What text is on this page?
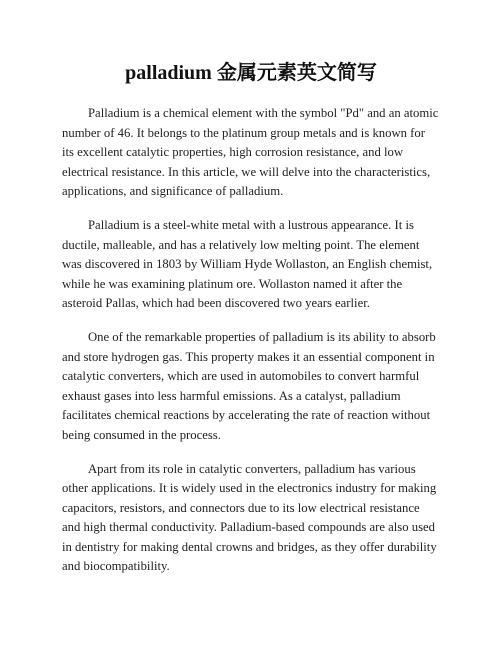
palladium 金属元素英文简写

Palladium is a chemical element with the symbol "Pd" and an atomic number of 46. It belongs to the platinum group metals and is known for its excellent catalytic properties, high corrosion resistance, and low electrical resistance. In this article, we will delve into the characteristics, applications, and significance of palladium.

Palladium is a steel-white metal with a lustrous appearance. It is ductile, malleable, and has a relatively low melting point. The element was discovered in 1803 by William Hyde Wollaston, an English chemist, while he was examining platinum ore. Wollaston named it after the asteroid Pallas, which had been discovered two years earlier.

One of the remarkable properties of palladium is its ability to absorb and store hydrogen gas. This property makes it an essential component in catalytic converters, which are used in automobiles to convert harmful exhaust gases into less harmful emissions. As a catalyst, palladium facilitates chemical reactions by accelerating the rate of reaction without being consumed in the process.

Apart from its role in catalytic converters, palladium has various other applications. It is widely used in the electronics industry for making capacitors, resistors, and connectors due to its low electrical resistance and high thermal conductivity. Palladium-based compounds are also used in dentistry for making dental crowns and bridges, as they offer durability and biocompatibility.
